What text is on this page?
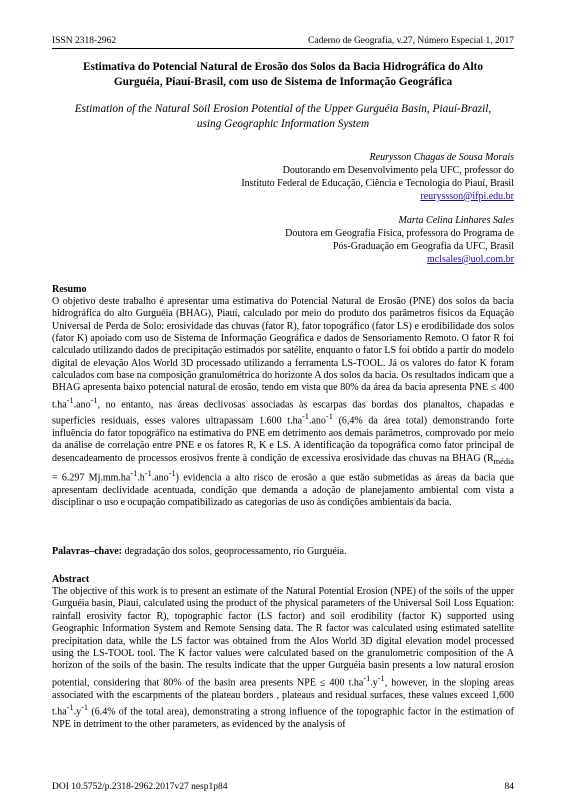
ISSN 2318-2962	Caderno de Geografia, v.27, Número Especial 1, 2017
Estimativa do Potencial Natural de Erosão dos Solos da Bacia Hidrográfica do Alto Gurguéia, Piauí-Brasil, com uso de Sistema de Informação Geográfica
Estimation of the Natural Soil Erosion Potential of the Upper Gurguéia Basin, Piauí-Brazil, using Geographic Information System
Reurysson Chagas de Sousa Morais
Doutorando em Desenvolvimento pela UFC, professor do
Instituto Federal de Educação, Ciência e Tecnologia do Piauí, Brasil
reuryssson@ifpi.edu.br
Marta Celina Linhares Sales
Doutora em Geografia Física, professora do Programa de
Pós-Graduação em Geografia da UFC, Brasil
mclsales@uol.com.br
Resumo

O objetivo deste trabalho é apresentar uma estimativa do Potencial Natural de Erosão (PNE) dos solos da bacia hidrográfica do alto Gurguéia (BHAG), Piauí, calculado por meio do produto dos parâmetros físicos da Equação Universal de Perda de Solo: erosividade das chuvas (fator R), fator topográfico (fator LS) e erodibilidade dos solos (fator K) apoiado com uso de Sistema de Informação Geográfica e dados de Sensoriamento Remoto. O fator R foi calculado utilizando dados de precipitação estimados por satélite, enquanto o fator LS foi obtido a partir do modelo digital de elevação Alos World 3D processado utilizando a ferramenta LS-TOOL. Já os valores do fator K foram calculados com base na composição granulométrica do horizonte A dos solos da bacia. Os resultados indicam que a BHAG apresenta baixo potencial natural de erosão, tendo em vista que 80% da área da bacia apresenta PNE ≤ 400 $t.ha^{-1}.ano^{-1}$, no entanto, nas áreas declivosas associadas às escarpas das bordas dos planaltos, chapadas e superfícies residuais, esses valores ultrapassam 1.600 $t.ha^{-1}.ano^{-1}$ (6,4% da área total) demonstrando forte influência do fator topográfico na estimativa do PNE em detrimento aos demais parâmetros, comprovado por meio da análise de correlação entre PNE e os fatores R, K e LS. A identificação da topográfica como fator principal de desencadeamento de processos erosivos frente à condição de excessiva erosividade das chuvas na BHAG ($R_{média} = 6.297$ $Mj.mm.ha^{-1}.h^{-1}.ano^{-1}$) evidencia a alto risco de erosão a que estão submetidas as áreas da bacia que apresentam declividade acentuada, condição que demanda a adoção de planejamento ambiental com vista a disciplinar o uso e ocupação compatibilizado as categorias de uso às condições ambientais da bacia.

Palavras–chave: degradação dos solos, geoprocessamento, rio Gurguéia.
Abstract

The objective of this work is to present an estimate of the Natural Potential Erosion (NPE) of the soils of the upper Gurguéia basin, Piauí, calculated using the product of the physical parameters of the Universal Soil Loss Equation: rainfall erosivity factor R), topographic factor (LS factor) and soil erodibility (factor K) supported using Geographic Information System and Remote Sensing data. The R factor was calculated using estimated satellite precipitation data, while the LS factor was obtained from the Alos World 3D digital elevation model processed using the LS-TOOL tool. The K factor values were calculated based on the granulometric composition of the A horizon of the soils of the basin. The results indicate that the upper Gurguéia basin presents a low natural erosion potential, considering that 80% of the basin area presents NPE ≤ 400 $t.ha^{-1}.y^{-1}$, however, in the sloping areas associated with the escarpments of the plateau borders , plateaus and residual surfaces, these values exceed 1,600 $t.ha^{-1}.y^{-1}$ (6.4% of the total area), demonstrating a strong influence of the topographic factor in the estimation of NPE in detriment to the other parameters, as evidenced by the analysis of

DOI 10.5752/p.2318-2962.2017v27 nesp1p84	84
